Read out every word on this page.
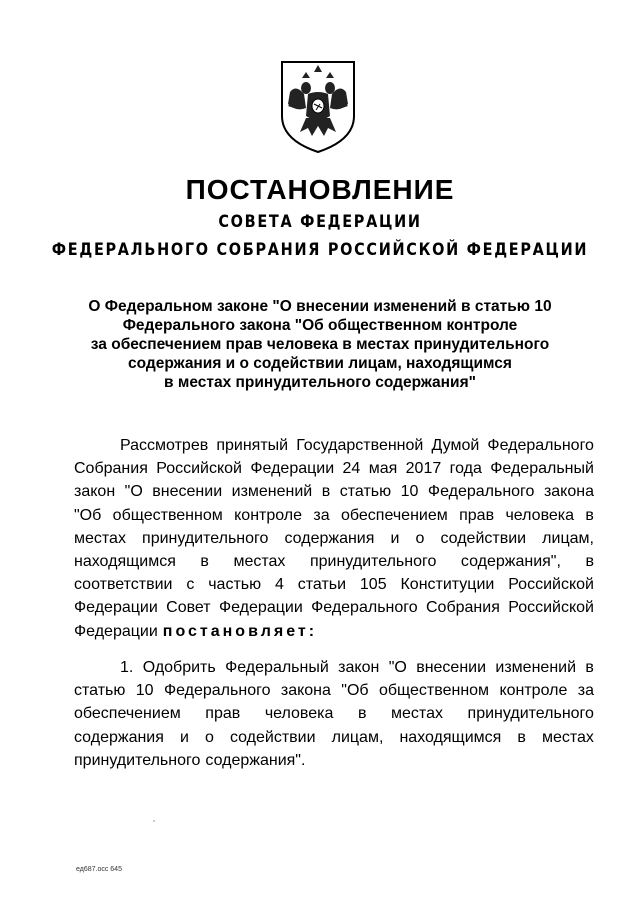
ПОСТАНОВЛЕНИЕ
СОВЕТА ФЕДЕРАЦИИ
ФЕДЕРАЛЬНОГО СОБРАНИЯ РОССИЙСКОЙ ФЕДЕРАЦИИ
О Федеральном законе "О внесении изменений в статью 10
Федерального закона "Об общественном контроле
за обеспечением прав человека в местах принудительного
содержания и о содействии лицам, находящимся
в местах принудительного содержания"
Рассмотрев принятый Государственной Думой Федерального
Собрания Российской Федерации 24 мая 2017 года Федеральный
закон "О внесении изменений в статью 10 Федерального закона
"Об общественном контроле за обеспечением прав человека в
местах принудительного содержания и о содействии лицам,
находящимся в местах принудительного содержания", в
соответствии с частью 4 статьи 105 Конституции Российской
Федерации Совет Федерации Федерального Собрания Российской
Федерации постановляет:
1. Одобрить Федеральный закон "О внесении изменений в
статью 10 Федерального закона "Об общественном контроле за
обеспечением прав человека в местах принудительного
содержания и о содействии лицам, находящимся в местах
принудительного содержания".
ед687.осс 645
